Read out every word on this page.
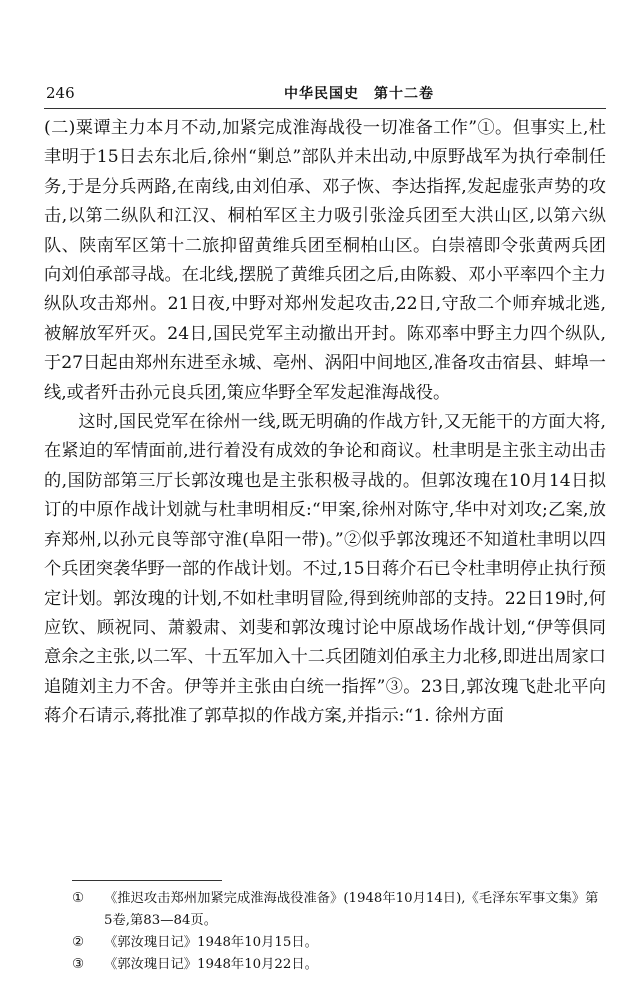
246	中华民国史　第十二卷

(二)粟谭主力本月不动,加紧完成淮海战役一切准备工作”①。但事实上,杜聿明于15日去东北后,徐州“剿总”部队并未出动,中原野战军为执行牵制任务,于是分兵两路,在南线,由刘伯承、邓子恢、李达指挥,发起虚张声势的攻击,以第二纵队和江汉、桐柏军区主力吸引张淦兵团至大洪山区,以第六纵队、陕南军区第十二旅抑留黄维兵团至桐柏山区。白崇禧即令张黄两兵团向刘伯承部寻战。在北线,摆脱了黄维兵团之后,由陈毅、邓小平率四个主力纵队攻击郑州。21日夜,中野对郑州发起攻击,22日,守敌二个师弃城北逃,被解放军歼灭。24日,国民党军主动撤出开封。陈邓率中野主力四个纵队,于27日起由郑州东进至永城、亳州、涡阳中间地区,准备攻击宿县、蚌埠一线,或者歼击孙元良兵团,策应华野全军发起淮海战役。

这时,国民党军在徐州一线,既无明确的作战方针,又无能干的方面大将,在紧迫的军情面前,进行着没有成效的争论和商议。杜聿明是主张主动出击的,国防部第三厅长郭汝瑰也是主张积极寻战的。但郭汝瑰在10月14日拟订的中原作战计划就与杜聿明相反:“甲案,徐州对陈守,华中对刘攻;乙案,放弃郑州,以孙元良等部守淮(阜阳一带)。”②似乎郭汝瑰还不知道杜聿明以四个兵团突袭华野一部的作战计划。不过,15日蒋介石已令杜聿明停止执行预定计划。郭汝瑰的计划,不如杜聿明冒险,得到统帅部的支持。22日19时,何应钦、顾祝同、萧毅肃、刘斐和郭汝瑰讨论中原战场作战计划,“伊等俱同意余之主张,以二军、十五军加入十二兵团随刘伯承主力北移,即进出周家口追随刘主力不舍。伊等并主张由白统一指挥”③。23日,郭汝瑰飞赴北平向蒋介石请示,蒋批准了郭草拟的作战方案,并指示:“1. 徐州方面

①	《推迟攻击郑州加紧完成淮海战役准备》(1948年10月14日),《毛泽东军事文集》第5卷,第83—84页。
②	《郭汝瑰日记》1948年10月15日。
③	《郭汝瑰日记》1948年10月22日。
